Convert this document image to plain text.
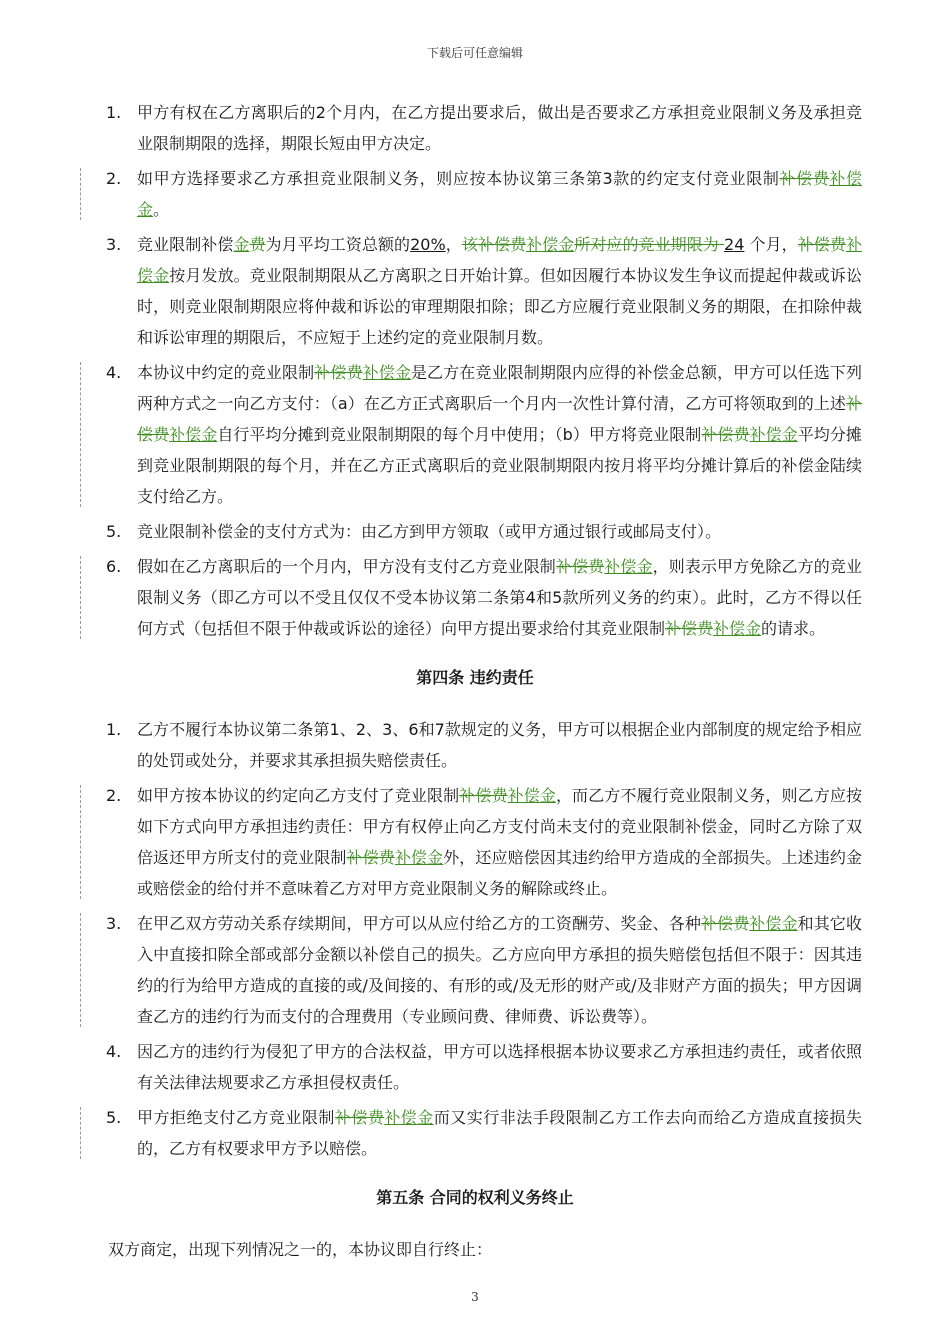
下载后可任意编辑
1. 甲方有权在乙方离职后的2个月内，在乙方提出要求后，做出是否要求乙方承担竞业限制义务及承担竞业限制期限的选择，期限长短由甲方决定。
2. 如甲方选择要求乙方承担竞业限制义务，则应按本协议第三条第3款的约定支付竞业限制补偿费补偿金。
3. 竞业限制补偿金费为月平均工资总额的20%，该补偿费补偿金所对应的竞业期限为 24 个月，补偿费补偿金按月发放。竞业限制期限从乙方离职之日开始计算。但如因履行本协议发生争议而提起仲裁或诉讼时，则竞业限制期限应将仲裁和诉讼的审理期限扣除；即乙方应履行竞业限制义务的期限，在扣除仲裁和诉讼审理的期限后，不应短于上述约定的竞业限制月数。
4. 本协议中约定的竞业限制补偿费补偿金是乙方在竞业限制期限内应得的补偿金总额，甲方可以任选下列两种方式之一向乙方支付：（a）在乙方正式离职后一个月内一次性计算付清，乙方可将领取到的上述补偿费补偿金自行平均分摊到竞业限制期限的每个月中使用；（b）甲方将竞业限制补偿费补偿金平均分摊到竞业限制期限的每个月，并在乙方正式离职后的竞业限制期限内按月将平均分摊计算后的补偿金陆续支付给乙方。
5. 竞业限制补偿金的支付方式为：由乙方到甲方领取（或甲方通过银行或邮局支付）。
6. 假如在乙方离职后的一个月内，甲方没有支付乙方竞业限制补偿费补偿金，则表示甲方免除乙方的竞业限制义务（即乙方可以不受且仅仅不受本协议第二条第4和5款所列义务的约束）。此时，乙方不得以任何方式（包括但不限于仲裁或诉讼的途径）向甲方提出要求给付其竞业限制补偿费补偿金的请求。
第四条 违约责任
1. 乙方不履行本协议第二条第1、2、3、6和7款规定的义务，甲方可以根据企业内部制度的规定给予相应的处罚或处分，并要求其承担损失赔偿责任。
2. 如甲方按本协议的约定向乙方支付了竞业限制补偿费补偿金，而乙方不履行竞业限制义务，则乙方应按如下方式向甲方承担违约责任：甲方有权停止向乙方支付尚未支付的竞业限制补偿金，同时乙方除了双倍返还甲方所支付的竞业限制补偿费补偿金外，还应赔偿因其违约给甲方造成的全部损失。上述违约金或赔偿金的给付并不意味着乙方对甲方竞业限制义务的解除或终止。
3. 在甲乙双方劳动关系存续期间，甲方可以从应付给乙方的工资酬劳、奖金、各种补偿费补偿金和其它收入中直接扣除全部或部分金额以补偿自己的损失。乙方应向甲方承担的损失赔偿包括但不限于：因其违约的行为给甲方造成的直接的或/及间接的、有形的或/及无形的财产或/及非财产方面的损失；甲方因调查乙方的违约行为而支付的合理费用（专业顾问费、律师费、诉讼费等）。
4. 因乙方的违约行为侵犯了甲方的合法权益，甲方可以选择根据本协议要求乙方承担违约责任，或者依照有关法律法规要求乙方承担侵权责任。
5. 甲方拒绝支付乙方竞业限制补偿费补偿金而又实行非法手段限制乙方工作去向而给乙方造成直接损失的，乙方有权要求甲方予以赔偿。
第五条 合同的权利义务终止
双方商定，出现下列情况之一的，本协议即自行终止：
3
